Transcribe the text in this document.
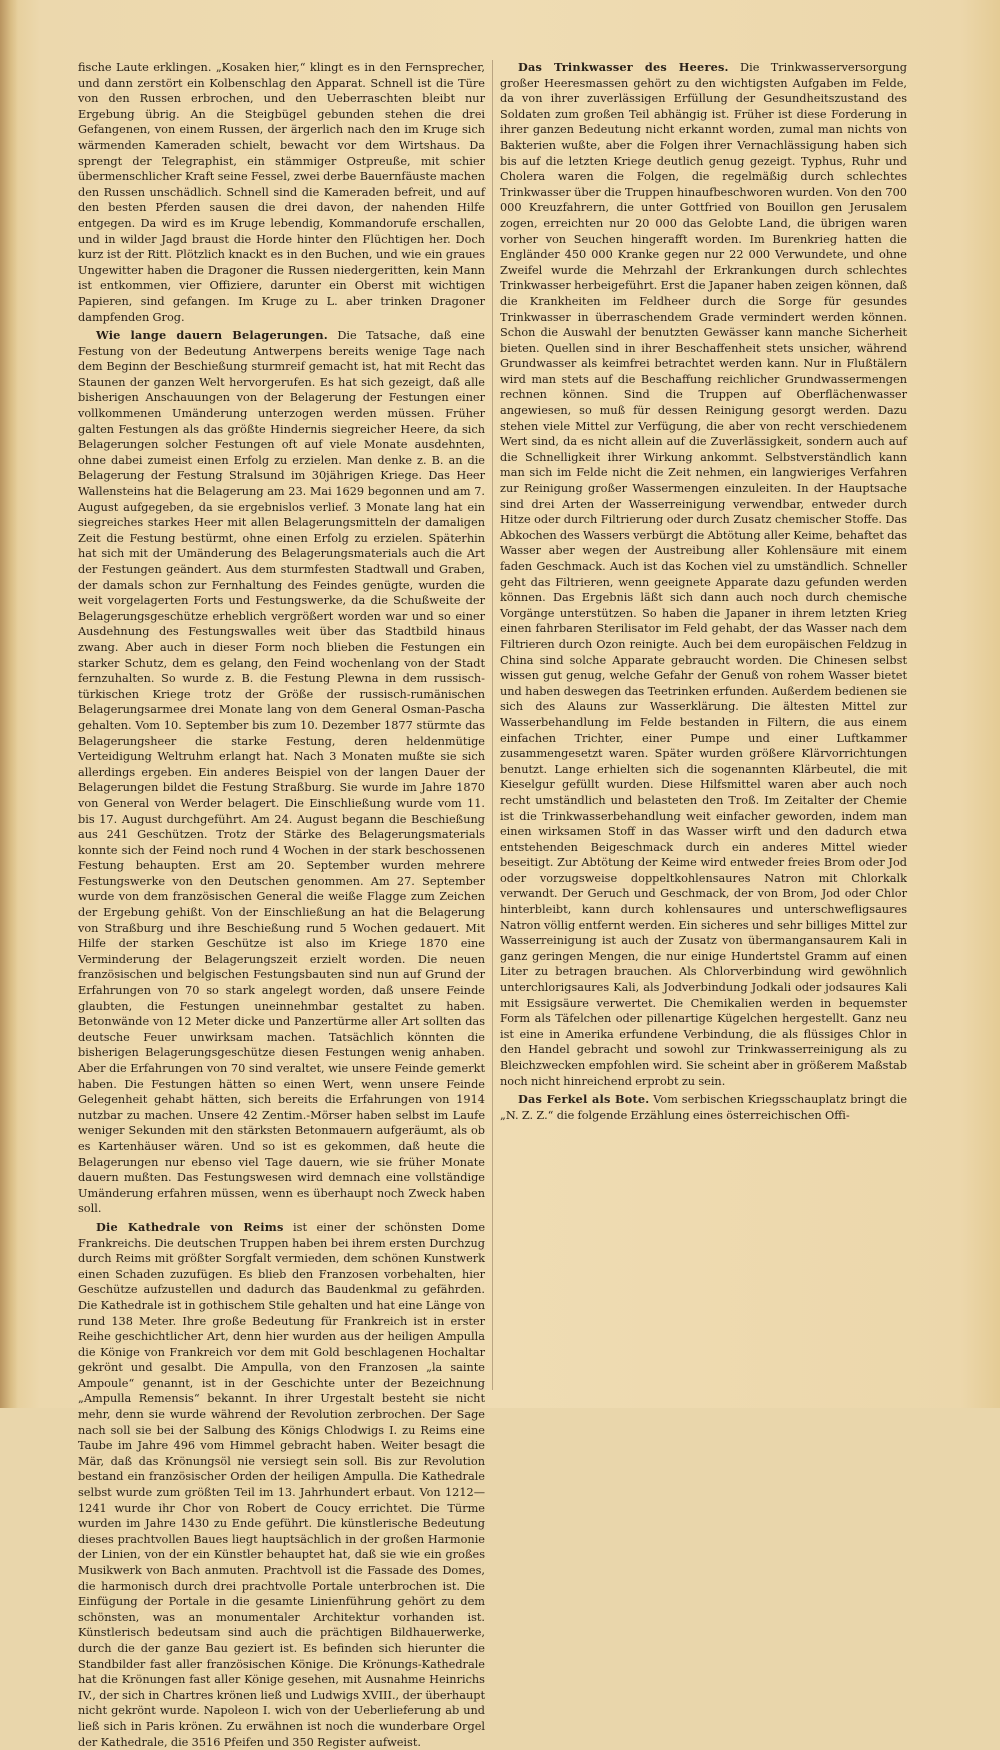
fische Laute erklingen. „Kosaken hier,“ klingt es in den Fernsprecher, und dann zerstört ein Kolbenschlag den Apparat. Schnell ist die Türe von den Russen erbrochen, und den Ueberraschten bleibt nur Ergebung übrig. An die Steigbügel gebunden stehen die drei Gefangenen, von einem Russen, der ärgerlich nach den im Kruge sich wärmenden Kameraden schielt, bewacht vor dem Wirtshaus. Da sprengt der Telegraphist, ein stämmiger Ostpreuße, mit schier übermenschlicher Kraft seine Fessel, zwei derbe Bauernfäuste machen den Russen unschädlich. Schnell sind die Kameraden befreit, und auf den besten Pferden sausen die drei davon, der nahenden Hilfe entgegen. Da wird es im Kruge lebendig, Kommandorufe erschallen, und in wilder Jagd braust die Horde hinter den Flüchtigen her. Doch kurz ist der Ritt. Plötzlich knackt es in den Buchen, und wie ein graues Ungewitter haben die Dragoner die Russen niedergeritten, kein Mann ist entkommen, vier Offiziere, darunter ein Oberst mit wichtigen Papieren, sind gefangen. Im Kruge zu L. aber trinken Dragoner dampfenden Grog.

Wie lange dauern Belagerungen. Die Tatsache, daß eine Festung von der Bedeutung Antwerpens bereits wenige Tage nach dem Beginn der Beschießung sturmreif gemacht ist, hat mit Recht das Staunen der ganzen Welt hervorgerufen. Es hat sich gezeigt, daß alle bisherigen Anschauungen von der Belagerung der Festungen einer vollkommenen Umänderung unterzogen werden müssen. Früher galten Festungen als das größte Hindernis siegreicher Heere, da sich Belagerungen solcher Festungen oft auf viele Monate ausdehnten, ohne dabei zumeist einen Erfolg zu erzielen. Man denke z. B. an die Belagerung der Festung Stralsund im 30jährigen Kriege. Das Heer Wallensteins hat die Belagerung am 23. Mai 1629 begonnen und am 7. August aufgegeben, da sie ergebnislos verlief. 3 Monate lang hat ein siegreiches starkes Heer mit allen Belagerungsmitteln der damaligen Zeit die Festung bestürmt, ohne einen Erfolg zu erzielen. Späterhin hat sich mit der Umänderung des Belagerungsmaterials auch die Art der Festungen geändert. Aus dem sturmfesten Stadtwall und Graben, der damals schon zur Fernhaltung des Feindes genügte, wurden die weit vorgelagerten Forts und Festungswerke, da die Schußweite der Belagerungsgeschütze erheblich vergrößert worden war und so einer Ausdehnung des Festungswalles weit über das Stadtbild hinaus zwang. Aber auch in dieser Form noch blieben die Festungen ein starker Schutz, dem es gelang, den Feind wochenlang von der Stadt fernzuhalten. So wurde z. B. die Festung Plewna in dem russisch-türkischen Kriege trotz der Größe der russisch-rumänischen Belagerungsarmee drei Monate lang von dem General Osman-Pascha gehalten. Vom 10. September bis zum 10. Dezember 1877 stürmte das Belagerungsheer die starke Festung, deren heldenmütige Verteidigung Weltruhm erlangt hat. Nach 3 Monaten mußte sie sich allerdings ergeben. Ein anderes Beispiel von der langen Dauer der Belagerungen bildet die Festung Straßburg. Sie wurde im Jahre 1870 von General von Werder belagert. Die Einschließung wurde vom 11. bis 17. August durchgeführt. Am 24. August begann die Beschießung aus 241 Geschützen. Trotz der Stärke des Belagerungsmaterials konnte sich der Feind noch rund 4 Wochen in der stark beschossenen Festung behaupten. Erst am 20. September wurden mehrere Festungswerke von den Deutschen genommen. Am 27. September wurde von dem französischen General die weiße Flagge zum Zeichen der Ergebung gehißt. Von der Einschließung an hat die Belagerung von Straßburg und ihre Beschießung rund 5 Wochen gedauert. Mit Hilfe der starken Geschütze ist also im Kriege 1870 eine Verminderung der Belagerungszeit erzielt worden. Die neuen französischen und belgischen Festungsbauten sind nun auf Grund der Erfahrungen von 70 so stark angelegt worden, daß unsere Feinde glaubten, die Festungen uneinnehmbar gestaltet zu haben. Betonwände von 12 Meter dicke und Panzertürme aller Art sollten das deutsche Feuer unwirksam machen. Tatsächlich könnten die bisherigen Belagerungsgeschütze diesen Festungen wenig anhaben. Aber die Erfahrungen von 70 sind veraltet, wie unsere Feinde gemerkt haben. Die Festungen hätten so einen Wert, wenn unsere Feinde Gelegenheit gehabt hätten, sich bereits die Erfahrungen von 1914 nutzbar zu machen. Unsere 42 Zentim.-Mörser haben selbst im Laufe weniger Sekunden mit den stärksten Betonmauern aufgeräumt, als ob es Kartenhäuser wären. Und so ist es gekommen, daß heute die Belagerungen nur ebenso viel Tage dauern, wie sie früher Monate dauern mußten. Das Festungswesen wird demnach eine vollständige Umänderung erfahren müssen, wenn es überhaupt noch Zweck haben soll.

Die Kathedrale von Reims ist einer der schönsten Dome Frankreichs. Die deutschen Truppen haben bei ihrem ersten Durchzug durch Reims mit größter Sorgfalt vermieden, dem schönen Kunstwerk einen Schaden zuzufügen. Es blieb den Franzosen vorbehalten, hier Geschütze aufzustellen und dadurch das Baudenkmal zu gefährden. Die Kathedrale ist in gothischem Stile gehalten und hat eine Länge von rund 138 Meter. Ihre große Bedeutung für Frankreich ist in erster Reihe geschichtlicher Art, denn hier wurden aus der heiligen Ampulla die Könige von Frankreich vor dem mit Gold beschlagenen Hochaltar gekrönt und gesalbt. Die Ampulla, von den Franzosen „la sainte Ampoule“ genannt, ist in der Geschichte unter der Bezeichnung „Ampulla Remensis“ bekannt. In ihrer Urgestalt besteht sie nicht mehr, denn sie wurde während der Revolution zerbrochen. Der Sage nach soll sie bei der Salbung des Königs Chlodwigs I. zu Reims eine Taube im Jahre 496 vom Himmel gebracht haben. Weiter besagt die Mär, daß das Krönungsöl nie versiegt sein soll. Bis zur Revolution bestand ein französischer Orden der heiligen Ampulla. Die Kathedrale selbst wurde zum größten Teil im 13. Jahrhundert erbaut. Von 1212—1241 wurde ihr Chor von Robert de Coucy errichtet. Die Türme wurden im Jahre 1430 zu Ende geführt. Die künstlerische Bedeutung dieses prachtvollen Baues liegt hauptsächlich in der großen Harmonie der Linien, von der ein Künstler behauptet hat, daß sie wie ein großes Musikwerk von Bach anmuten. Prachtvoll ist die Fassade des Domes, die harmonisch durch drei prachtvolle Portale unterbrochen ist. Die Einfügung der Portale in die gesamte Linienführung gehört zu dem schönsten, was an monumentaler Architektur vorhanden ist. Künstlerisch bedeutsam sind auch die prächtigen Bildhauerwerke, durch die der ganze Bau geziert ist. Es befinden sich hierunter die Standbilder fast aller französischen Könige. Die Krönungs-Kathedrale hat die Krönungen fast aller Könige gesehen, mit Ausnahme Heinrichs IV., der sich in Chartres krönen ließ und Ludwigs XVIII., der überhaupt nicht gekrönt wurde. Napoleon I. wich von der Ueberlieferung ab und ließ sich in Paris krönen. Zu erwähnen ist noch die wunderbare Orgel der Kathedrale, die 3516 Pfeifen und 350 Register aufweist.

Das Trinkwasser des Heeres. Die Trinkwasserversorgung großer Heeresmassen gehört zu den wichtigsten Aufgaben im Felde, da von ihrer zuverlässigen Erfüllung der Gesundheitszustand des Soldaten zum großen Teil abhängig ist. Früher ist diese Forderung in ihrer ganzen Bedeutung nicht erkannt worden, zumal man nichts von Bakterien wußte, aber die Folgen ihrer Vernachlässigung haben sich bis auf die letzten Kriege deutlich genug gezeigt. Typhus, Ruhr und Cholera waren die Folgen, die regelmäßig durch schlechtes Trinkwasser über die Truppen hinaufbeschworen wurden. Von den 700 000 Kreuzfahrern, die unter Gottfried von Bouillon gen Jerusalem zogen, erreichten nur 20 000 das Gelobte Land, die übrigen waren vorher von Seuchen hingerafft worden. Im Burenkrieg hatten die Engländer 450 000 Kranke gegen nur 22 000 Verwundete, und ohne Zweifel wurde die Mehrzahl der Erkrankungen durch schlechtes Trinkwasser herbeigeführt. Erst die Japaner haben zeigen können, daß die Krankheiten im Feldheer durch die Sorge für gesundes Trinkwasser in überraschendem Grade vermindert werden können. Schon die Auswahl der benutzten Gewässer kann manche Sicherheit bieten. Quellen sind in ihrer Beschaffenheit stets unsicher, während Grundwasser als keimfrei betrachtet werden kann. Nur in Flußtälern wird man stets auf die Beschaffung reichlicher Grundwassermengen rechnen können. Sind die Truppen auf Oberflächenwasser angewiesen, so muß für dessen Reinigung gesorgt werden. Dazu stehen viele Mittel zur Verfügung, die aber von recht verschiedenem Wert sind, da es nicht allein auf die Zuverlässigkeit, sondern auch auf die Schnelligkeit ihrer Wirkung ankommt. Selbstverständlich kann man sich im Felde nicht die Zeit nehmen, ein langwieriges Verfahren zur Reinigung großer Wassermengen einzuleiten. In der Hauptsache sind drei Arten der Wasserreinigung verwendbar, entweder durch Hitze oder durch Filtrierung oder durch Zusatz chemischer Stoffe. Das Abkochen des Wassers verbürgt die Abtötung aller Keime, behaftet das Wasser aber wegen der Austreibung aller Kohlensäure mit einem faden Geschmack. Auch ist das Kochen viel zu umständlich. Schneller geht das Filtrieren, wenn geeignete Apparate dazu gefunden werden können. Das Ergebnis läßt sich dann auch noch durch chemische Vorgänge unterstützen. So haben die Japaner in ihrem letzten Krieg einen fahrbaren Sterilisator im Feld gehabt, der das Wasser nach dem Filtrieren durch Ozon reinigte. Auch bei dem europäischen Feldzug in China sind solche Apparate gebraucht worden. Die Chinesen selbst wissen gut genug, welche Gefahr der Genuß von rohem Wasser bietet und haben deswegen das Teetrinken erfunden. Außerdem bedienen sie sich des Alauns zur Wasserklärung. Die ältesten Mittel zur Wasserbehandlung im Felde bestanden in Filtern, die aus einem einfachen Trichter, einer Pumpe und einer Luftkammer zusammengesetzt waren. Später wurden größere Klärvorrichtungen benutzt. Lange erhielten sich die sogenannten Klärbeutel, die mit Kieselgur gefüllt wurden. Diese Hilfsmittel waren aber auch noch recht umständlich und belasteten den Troß. Im Zeitalter der Chemie ist die Trinkwasserbehandlung weit einfacher geworden, indem man einen wirksamen Stoff in das Wasser wirft und den dadurch etwa entstehenden Beigeschmack durch ein anderes Mittel wieder beseitigt. Zur Abtötung der Keime wird entweder freies Brom oder Jod oder vorzugsweise doppeltkohlensaures Natron mit Chlorkalk verwandt. Der Geruch und Geschmack, der von Brom, Jod oder Chlor hinterbleibt, kann durch kohlensaures und unterschwefligsaures Natron völlig entfernt werden. Ein sicheres und sehr billiges Mittel zur Wasserreinigung ist auch der Zusatz von übermangansaurem Kali in ganz geringen Mengen, die nur einige Hundertstel Gramm auf einen Liter zu betragen brauchen. Als Chlorverbindung wird gewöhnlich unterchlorigsaures Kali, als Jodverbindung Jodkali oder jodsaures Kali mit Essigsäure verwertet. Die Chemikalien werden in bequemster Form als Täfelchen oder pillenartige Kügelchen hergestellt. Ganz neu ist eine in Amerika erfundene Verbindung, die als flüssiges Chlor in den Handel gebracht und sowohl zur Trinkwasserreinigung als zu Bleichzwecken empfohlen wird. Sie scheint aber in größerem Maßstab noch nicht hinreichend erprobt zu sein.

Das Ferkel als Bote. Vom serbischen Kriegsschauplatz bringt die „N. Z. Z.“ die folgende Erzählung eines österreichischen Offi-
